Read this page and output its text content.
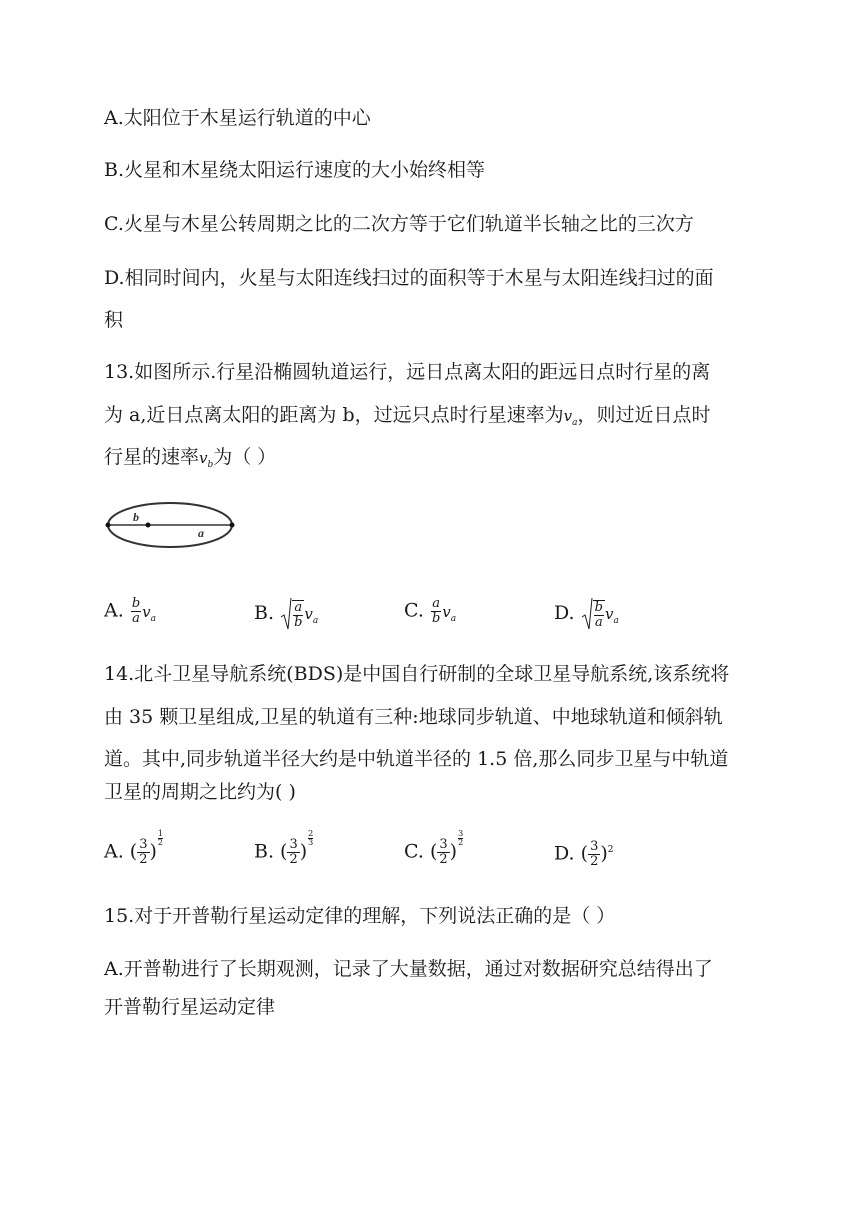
A.太阳位于木星运行轨道的中心
B.火星和木星绕太阳运行速度的大小始终相等
C.火星与木星公转周期之比的二次方等于它们轨道半长轴之比的三次方
D.相同时间内，火星与太阳连线扫过的面积等于木星与太阳连线扫过的面
积
13.如图所示.行星沿椭圆轨道运行，远日点离太阳的距远日点时行星的离
为 a,近日点离太阳的距离为 b，过远只点时行星速率为$v_a$，则过近日点时
行星的速率$v_b$为（ ）
b
a
A. $\frac{b}{a} v_a$	B. $\frac{a}{b} v_a$	C. $\frac{a}{b} v_a$	D. $\frac{b}{a} v_a$
14.北斗卫星导航系统(BDS)是中国自行研制的全球卫星导航系统,该系统将
由 35 颗卫星组成,卫星的轨道有三种:地球同步轨道、中地球轨道和倾斜轨
道。其中,同步轨道半径大约是中轨道半径的 1.5 倍,那么同步卫星与中轨道
卫星的周期之比约为( )
A. ( $\frac{3}{2}$ )
$\frac{1}{2}$
B. ( $\frac{3}{2}$ )
$\frac{2}{3}$
C. ( $\frac{3}{2}$ )
$\frac{3}{2}$
D. ( $\frac{3}{2} )^2$
15.对于开普勒行星运动定律的理解，下列说法正确的是（ ）
A.开普勒进行了长期观测，记录了大量数据，通过对数据研究总结得出了
开普勒行星运动定律
